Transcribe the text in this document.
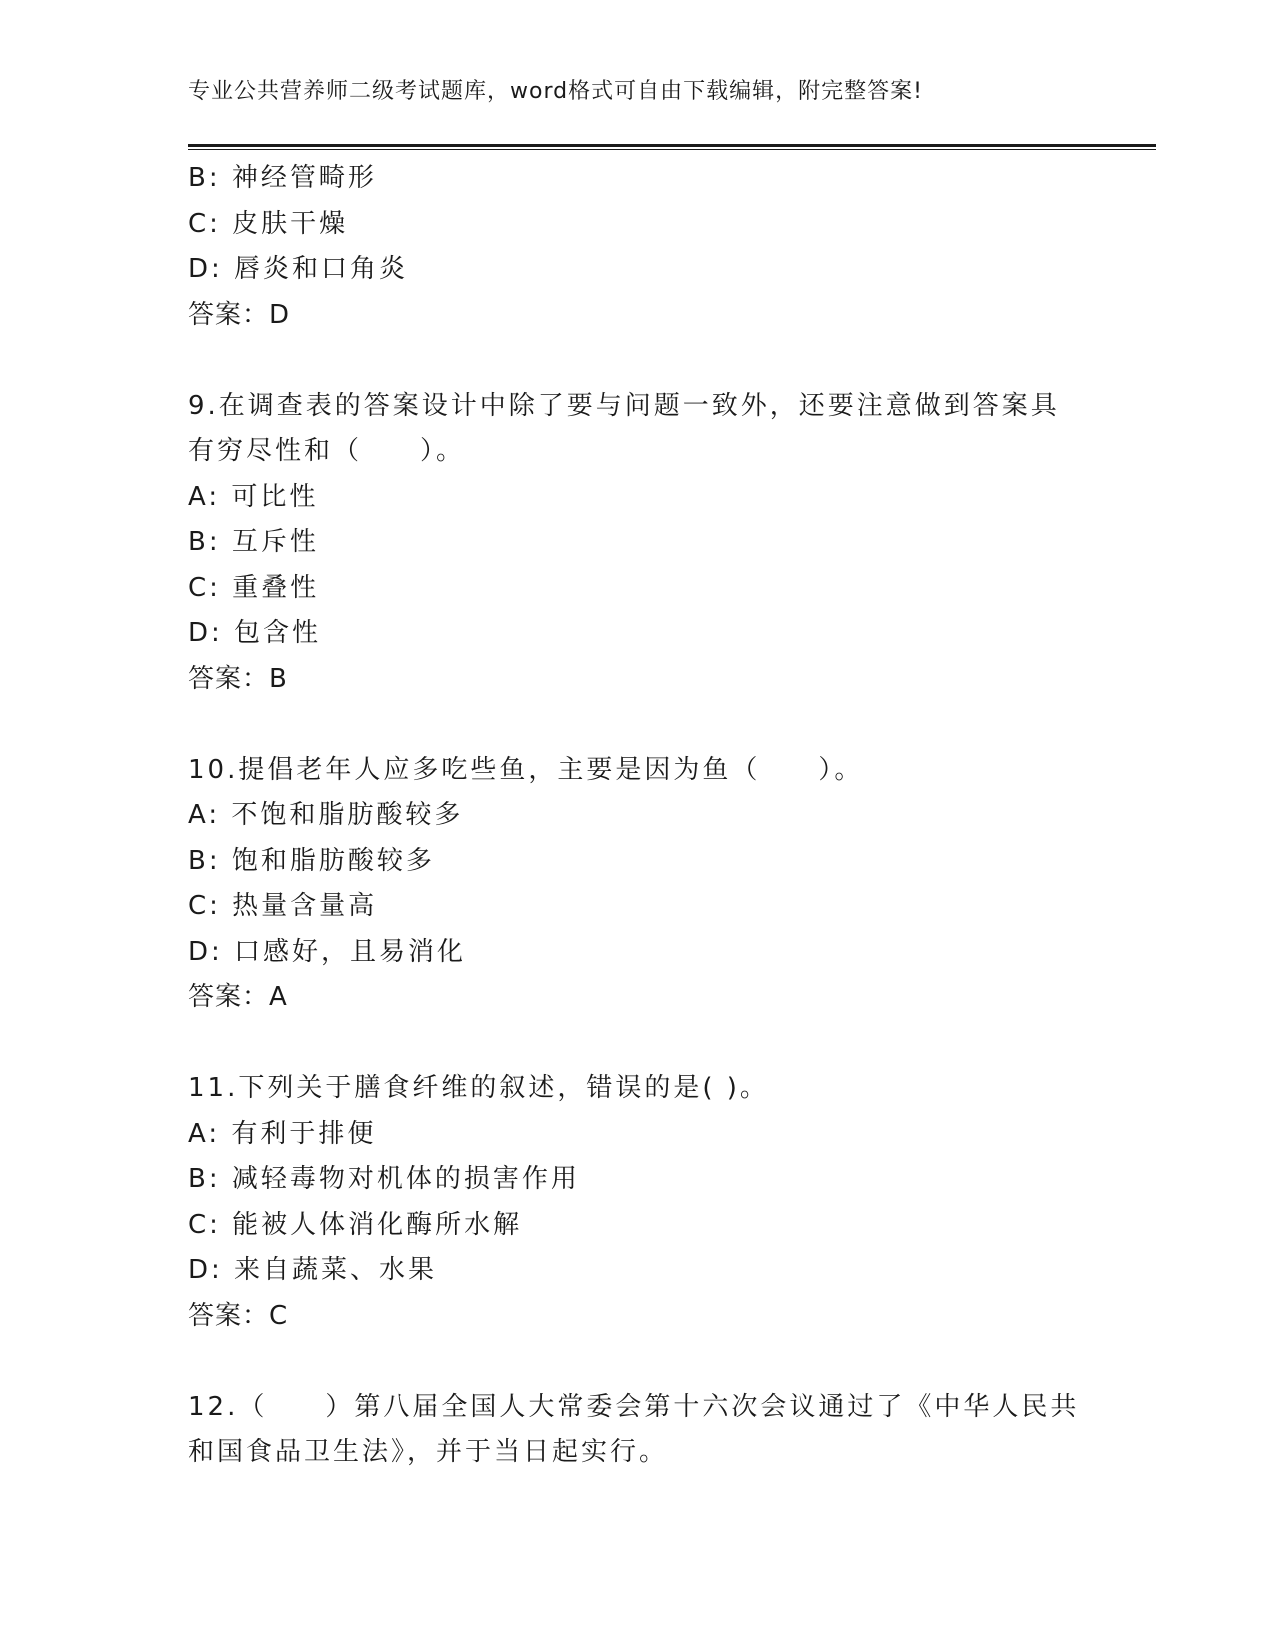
专业公共营养师二级考试题库，word格式可自由下载编辑，附完整答案!
B: 神经管畸形
C: 皮肤干燥
D: 唇炎和口角炎
答案：D
9.在调查表的答案设计中除了要与问题一致外，还要注意做到答案具
有穷尽性和（　　）。
A: 可比性
B: 互斥性
C: 重叠性
D: 包含性
答案：B
10.提倡老年人应多吃些鱼，主要是因为鱼（　　）。
A: 不饱和脂肪酸较多
B: 饱和脂肪酸较多
C: 热量含量高
D: 口感好，且易消化
答案：A
11.下列关于膳食纤维的叙述，错误的是( )。
A: 有利于排便
B: 减轻毒物对机体的损害作用
C: 能被人体消化酶所水解
D: 来自蔬菜、水果
答案：C
12.（　　）第八届全国人大常委会第十六次会议通过了《中华人民共
和国食品卫生法》，并于当日起实行。
